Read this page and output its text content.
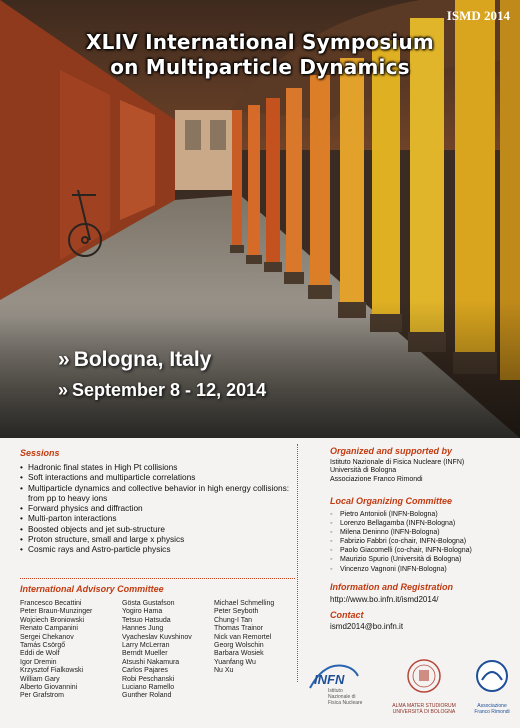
ISMD 2014
XLIV International Symposium
on Multiparticle Dynamics
» Bologna, Italy
» September 8 - 12, 2014
Sessions
• Hadronic final states in High Pt collisions
• Soft interactions and multiparticle correlations
• Multiparticle dynamics and collective behavior in high energy collisions: from pp to heavy ions
• Forward physics and diffraction
• Multi-parton interactions
• Boosted objects and jet sub-structure
• Proton structure, small and large x physics
• Cosmic rays and Astro-particle physics
International Advisory Committee
Francesco Becattini
Peter Braun-Munzinger
Wojciech Broniowski
Renato Campanini
Sergei Chekanov
Tamás Csörgő
Eddi de Wolf
Igor Dremin
Krzysztof Fialkowski
William Gary
Alberto Giovannini
Per Grafstrom
Gösta Gustafson
Yogiro Hama
Tetsuo Hatsuda
Hannes Jung
Vyacheslav Kuvshinov
Larry McLerran
Berndt Mueller
Atsushi Nakamura
Carlos Pajares
Robi Peschanski
Luciano Ramello
Gunther Roland
Michael Schmelling
Peter Seyboth
Chung-I Tan
Thomas Trainor
Nick van Remortel
Georg Wolschin
Barbara Wosiek
Yuanfang Wu
Nu Xu
Organized and supported by
Istituto Nazionale di Fisica Nucleare (INFN)
Università di Bologna
Associazione Franco Rimondi
Local Organizing Committee
◦ Pietro Antonioli (INFN-Bologna)
◦ Lorenzo Bellagamba (INFN-Bologna)
◦ Milena Deninno (INFN-Bologna)
◦ Fabrizio Fabbri (co-chair, INFN-Bologna)
◦ Paolo Giacomelli (co-chair, INFN-Bologna)
◦ Maurizio Spurio (Università di Bologna)
◦ Vincenzo Vagnoni (INFN-Bologna)
Information and Registration
http://www.bo.infn.it/ismd2014/
Contact
ismd2014@bo.infn.it
INFN
Istituto Nazionale di Fisica Nucleare	ALMA MATER STUDIORUM
UNIVERSITÀ DI BOLOGNA
Associazione
Franco Rimondi
